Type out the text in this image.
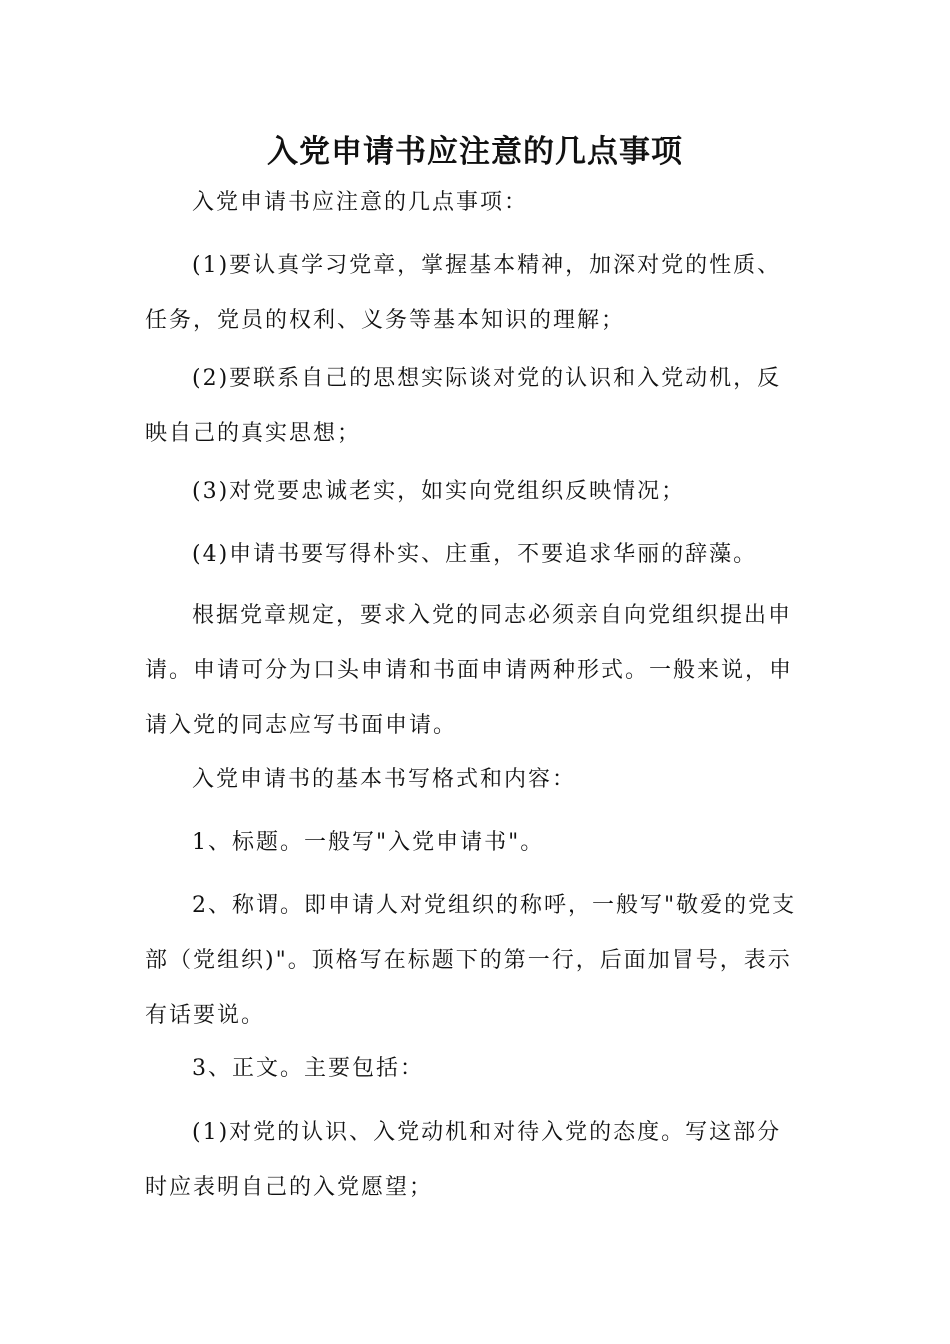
入党申请书应注意的几点事项

入党申请书应注意的几点事项：

(1)要认真学习党章，掌握基本精神，加深对党的性质、任务，党员的权利、义务等基本知识的理解；

(2)要联系自己的思想实际谈对党的认识和入党动机，反映自己的真实思想；

(3)对党要忠诚老实，如实向党组织反映情况；

(4)申请书要写得朴实、庄重，不要追求华丽的辞藻。

根据党章规定，要求入党的同志必须亲自向党组织提出申请。申请可分为口头申请和书面申请两种形式。一般来说，申请入党的同志应写书面申请。

入党申请书的基本书写格式和内容：

1、标题。一般写"入党申请书"。

2、称谓。即申请人对党组织的称呼，一般写"敬爱的党支部（党组织)"。顶格写在标题下的第一行，后面加冒号，表示有话要说。

3、正文。主要包括：

(1)对党的认识、入党动机和对待入党的态度。写这部分时应表明自己的入党愿望；
